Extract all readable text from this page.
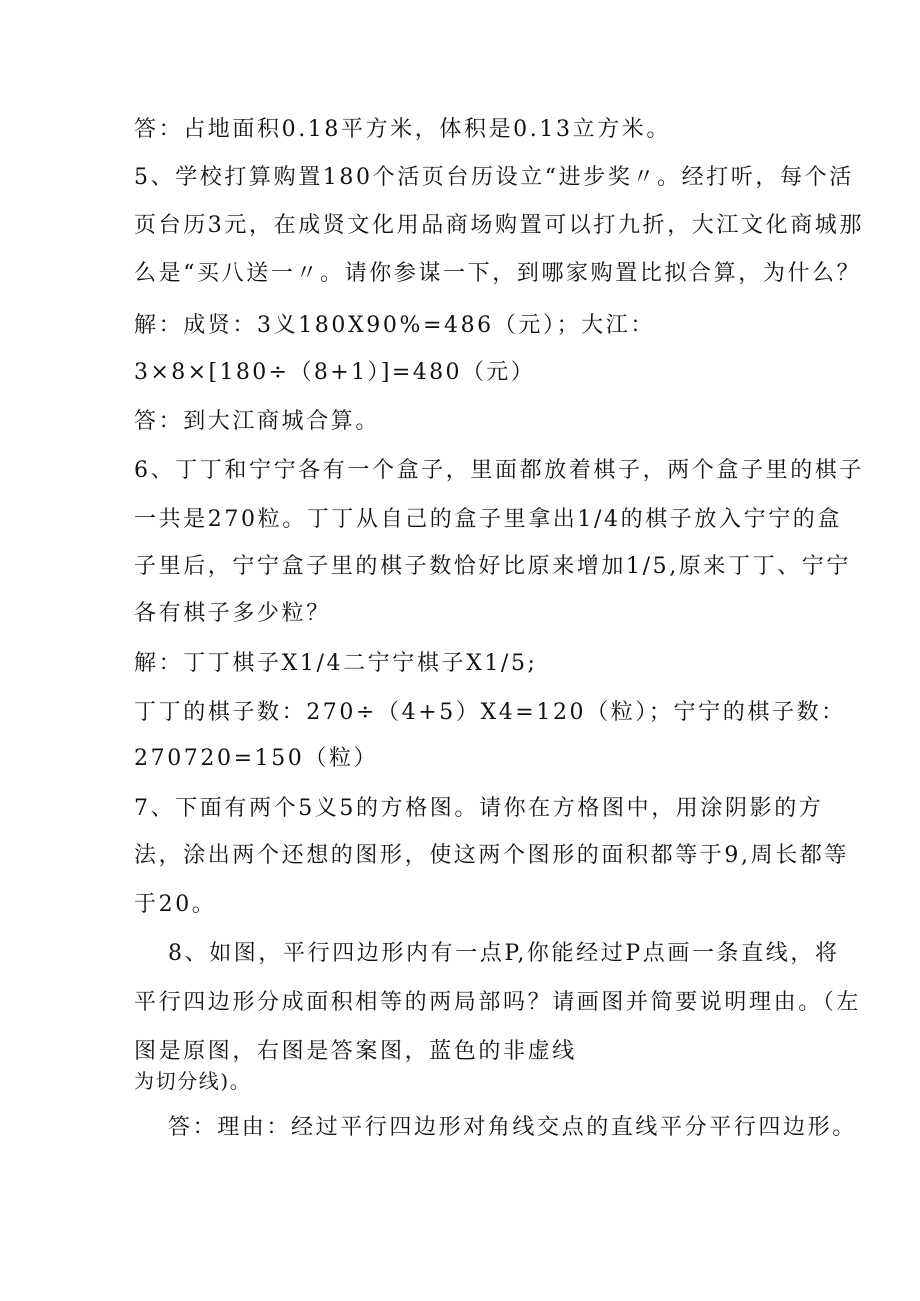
答：占地面积0.18平方米，体积是0.13立方米。
5、学校打算购置180个活页台历设立“进步奖〃。经打听，每个活
页台历3元，在成贤文化用品商场购置可以打九折，大江文化商城那
么是“买八送一〃。请你参谋一下，到哪家购置比拟合算，为什么？
解：成贤：3义180X90%=486（元）；大江：
3×8×[180÷（8+1）]=480（元）
答：到大江商城合算。
6、丁丁和宁宁各有一个盒子，里面都放着棋子，两个盒子里的棋子
一共是270粒。丁丁从自己的盒子里拿出1/4的棋子放入宁宁的盒
子里后，宁宁盒子里的棋子数恰好比原来增加1/5,原来丁丁、宁宁
各有棋子多少粒？
解：丁丁棋子X1/4二宁宁棋子X1/5;
丁丁的棋子数：270÷（4+5）X4=120（粒）；宁宁的棋子数：
270720=150（粒）
7、下面有两个5义5的方格图。请你在方格图中，用涂阴影的方
法，涂出两个还想的图形，使这两个图形的面积都等于9,周长都等
于20。
8、如图，平行四边形内有一点P,你能经过P点画一条直线，将
平行四边形分成面积相等的两局部吗？请画图并简要说明理由。（左
图是原图，右图是答案图，蓝色的非虚线
为切分线)。
答：理由：经过平行四边形对角线交点的直线平分平行四边形。
